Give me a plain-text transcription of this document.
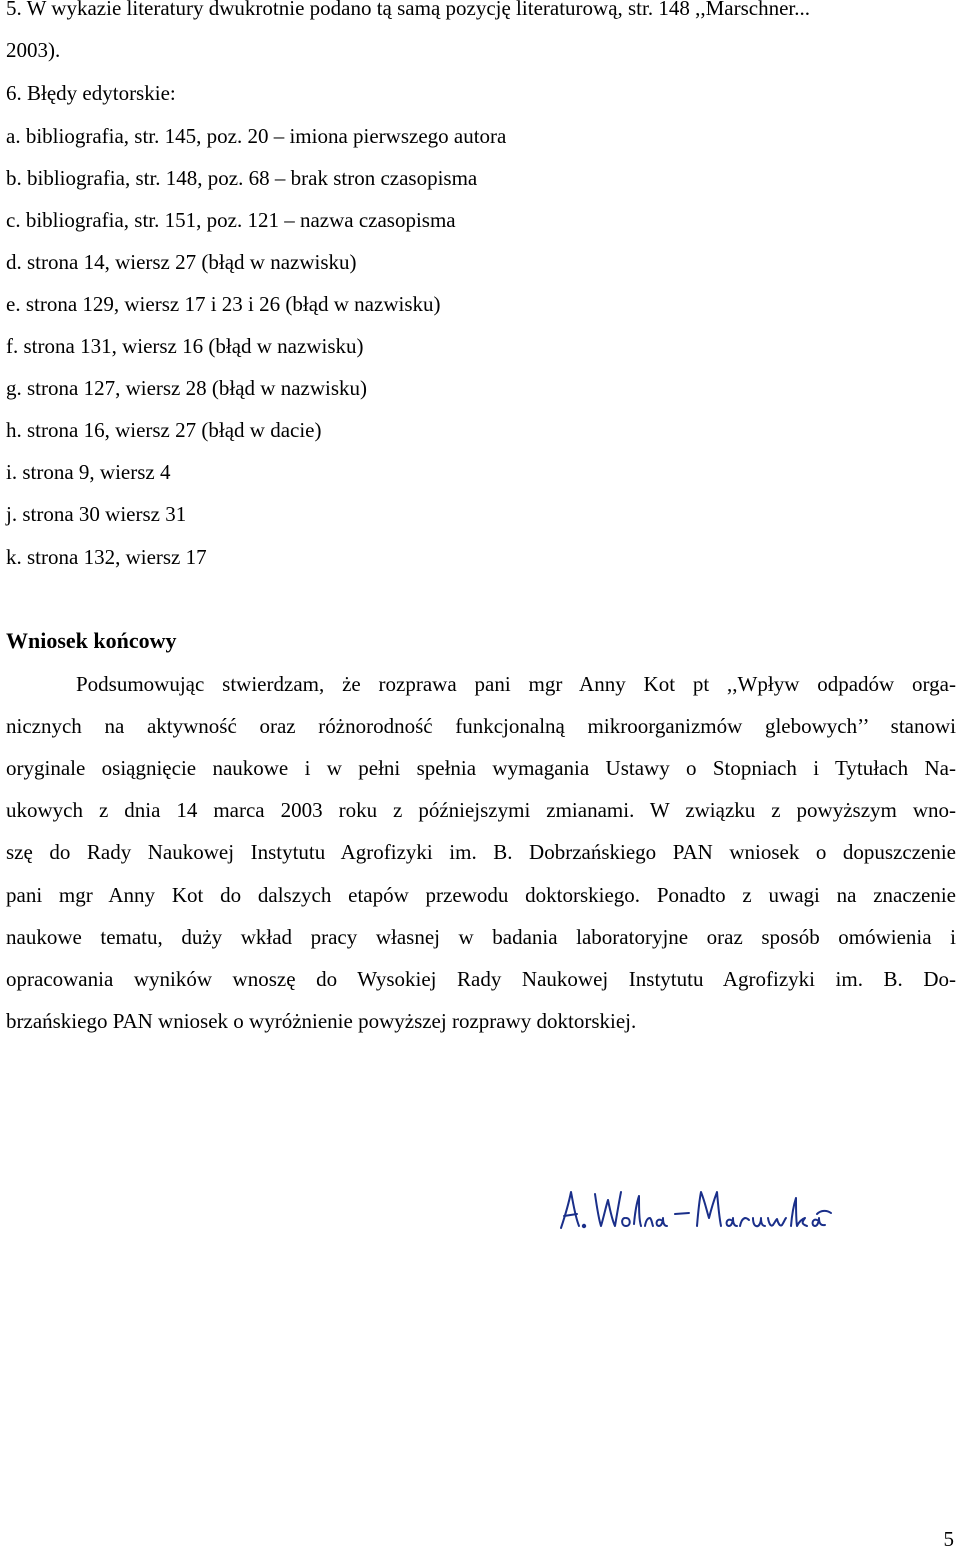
5. W wykazie literatury dwukrotnie podano tą samą pozycję literaturową, str. 148 ,,Marschner...
2003).
6. Błędy edytorskie:
a. bibliografia, str. 145, poz. 20 – imiona pierwszego autora
b. bibliografia, str. 148, poz. 68 – brak stron czasopisma
c. bibliografia, str. 151, poz. 121 – nazwa czasopisma
d. strona 14, wiersz 27 (błąd w nazwisku)
e. strona 129, wiersz 17 i 23 i 26 (błąd w nazwisku)
f. strona 131, wiersz 16 (błąd w nazwisku)
g. strona 127, wiersz 28 (błąd w nazwisku)
h. strona 16, wiersz 27 (błąd w dacie)
i. strona 9, wiersz 4
j. strona 30 wiersz 31
k. strona 132, wiersz 17
Wniosek końcowy
Podsumowując stwierdzam, że rozprawa pani mgr Anny Kot pt ,,Wpływ odpadów orga-
nicznych na aktywność oraz różnorodność funkcjonalną mikroorganizmów glebowych’’ stanowi
oryginale osiągnięcie naukowe i w pełni spełnia wymagania Ustawy o Stopniach i Tytułach Na-
ukowych z dnia 14 marca 2003 roku z późniejszymi zmianami. W związku z powyższym wno-
szę do Rady Naukowej Instytutu Agrofizyki im. B. Dobrzańskiego PAN wniosek o dopuszczenie
pani mgr Anny Kot do dalszych etapów przewodu doktorskiego. Ponadto z uwagi na znaczenie
naukowe tematu, duży wkład pracy własnej w badania laboratoryjne oraz sposób omówienia i
opracowania wyników wnoszę do Wysokiej Rady Naukowej Instytutu Agrofizyki im. B. Do-
brzańskiego PAN wniosek o wyróżnienie powyższej rozprawy doktorskiej.
5
